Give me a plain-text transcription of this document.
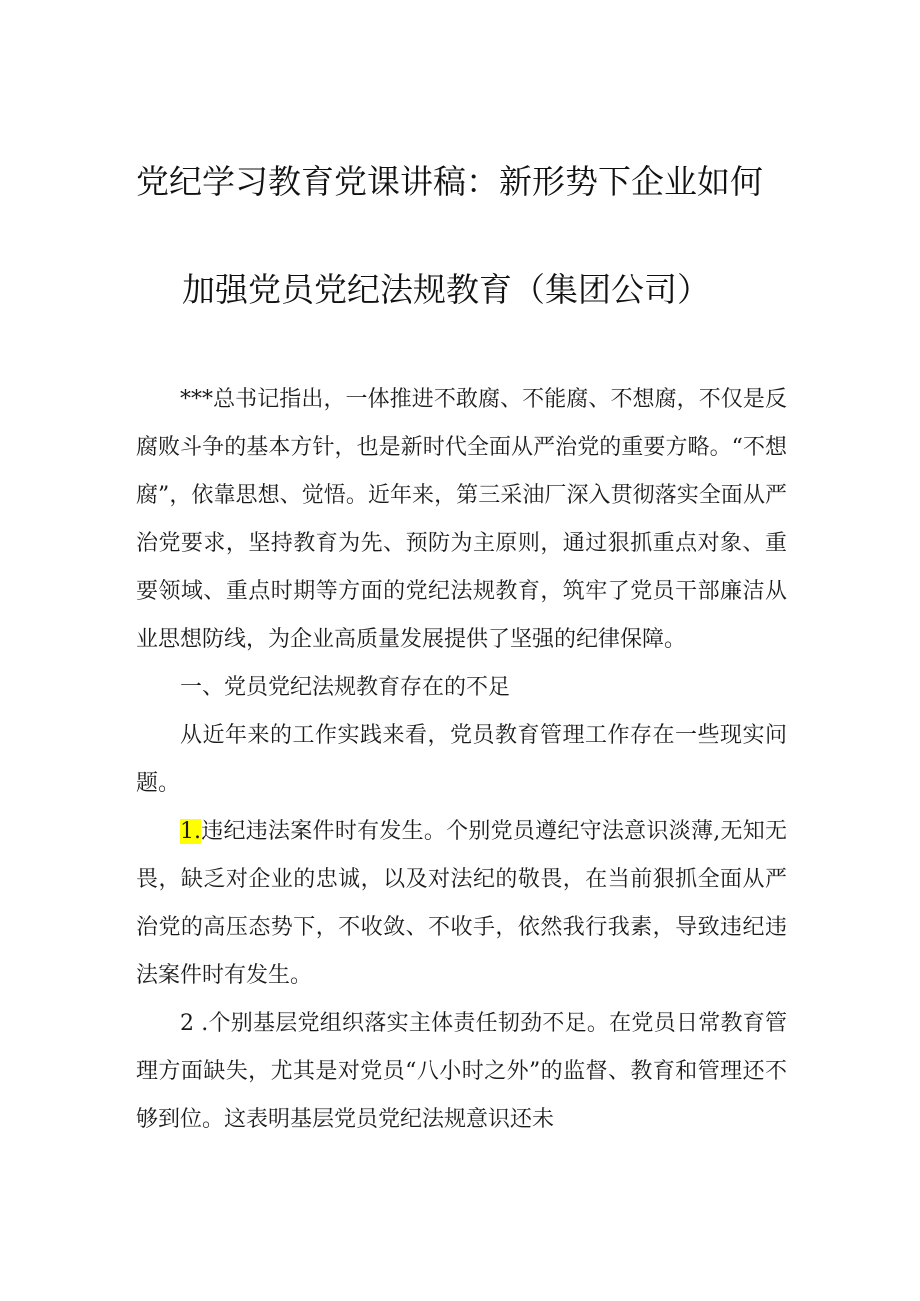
党纪学习教育党课讲稿：新形势下企业如何
加强党员党纪法规教育（集团公司）

***总书记指出，一体推进不敢腐、不能腐、不想腐，不仅是反腐败斗争的基本方针，也是新时代全面从严治党的重要方略。“不想腐”，依靠思想、觉悟。近年来，第三采油厂深入贯彻落实全面从严治党要求，坚持教育为先、预防为主原则，通过狠抓重点对象、重要领域、重点时期等方面的党纪法规教育，筑牢了党员干部廉洁从业思想防线，为企业高质量发展提供了坚强的纪律保障。

一、党员党纪法规教育存在的不足

从近年来的工作实践来看，党员教育管理工作存在一些现实问题。

1.违纪违法案件时有发生。个别党员遵纪守法意识淡薄,无知无畏，缺乏对企业的忠诚，以及对法纪的敬畏，在当前狠抓全面从严治党的高压态势下，不收敛、不收手，依然我行我素，导致违纪违法案件时有发生。

2 .个别基层党组织落实主体责任韧劲不足。在党员日常教育管理方面缺失，尤其是对党员“八小时之外”的监督、教育和管理还不够到位。这表明基层党员党纪法规意识还未
